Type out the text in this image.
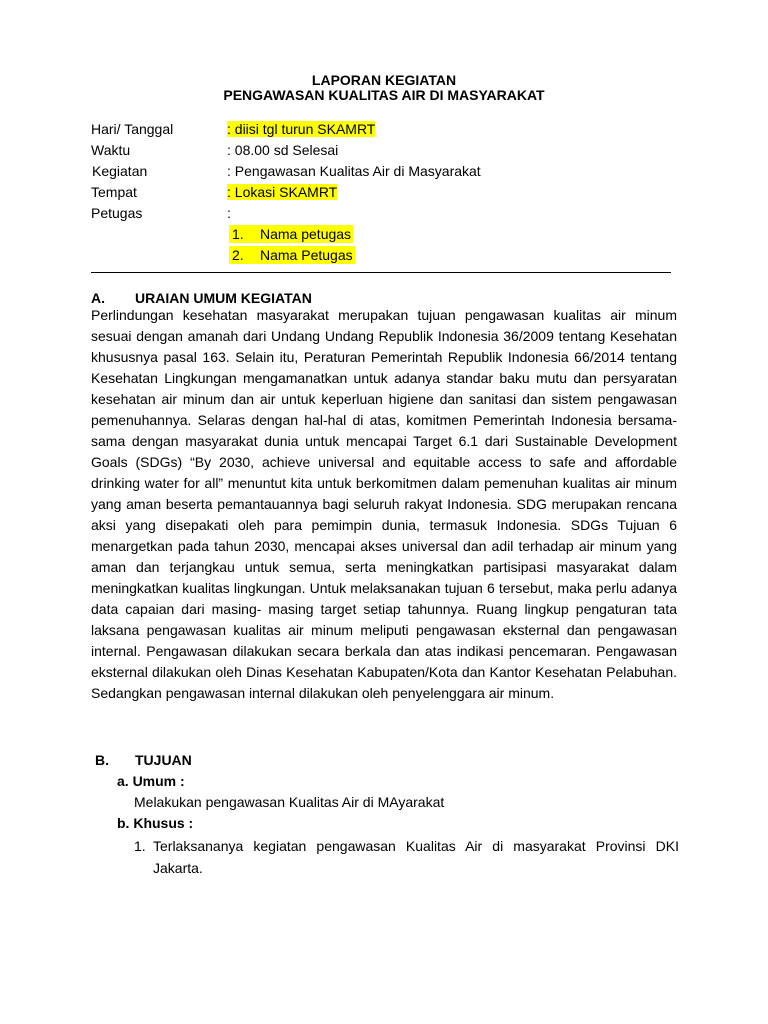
LAPORAN KEGIATAN
PENGAWASAN KUALITAS AIR DI MASYARAKAT
Hari/ Tanggal	: diisi tgl turun SKAMRT
Waktu	: 08.00 sd Selesai
Kegiatan	: Pengawasan Kualitas Air di Masyarakat
Tempat	: Lokasi SKAMRT
Petugas	:
1. Nama petugas
2. Nama Petugas
A. URAIAN UMUM KEGIATAN

Perlindungan kesehatan masyarakat merupakan tujuan pengawasan kualitas air minum sesuai dengan amanah dari Undang Undang Republik Indonesia 36/2009 tentang Kesehatan khususnya pasal 163. Selain itu, Peraturan Pemerintah Republik Indonesia 66/2014 tentang Kesehatan Lingkungan mengamanatkan untuk adanya standar baku mutu dan persyaratan kesehatan air minum dan air untuk keperluan higiene dan sanitasi dan sistem pengawasan pemenuhannya. Selaras dengan hal-hal di atas, komitmen Pemerintah Indonesia bersama-sama dengan masyarakat dunia untuk mencapai Target 6.1 dari Sustainable Development Goals (SDGs) “By 2030, achieve universal and equitable access to safe and affordable drinking water for all” menuntut kita untuk berkomitmen dalam pemenuhan kualitas air minum yang aman beserta pemantauannya bagi seluruh rakyat Indonesia. SDG merupakan rencana aksi yang disepakati oleh para pemimpin dunia, termasuk Indonesia. SDGs Tujuan 6 menargetkan pada tahun 2030, mencapai akses universal dan adil terhadap air minum yang aman dan terjangkau untuk semua, serta meningkatkan partisipasi masyarakat dalam meningkatkan kualitas lingkungan. Untuk melaksanakan tujuan 6 tersebut, maka perlu adanya data capaian dari masing- masing target setiap tahunnya. Ruang lingkup pengaturan tata laksana pengawasan kualitas air minum meliputi pengawasan eksternal dan pengawasan internal. Pengawasan dilakukan secara berkala dan atas indikasi pencemaran. Pengawasan eksternal dilakukan oleh Dinas Kesehatan Kabupaten/Kota dan Kantor Kesehatan Pelabuhan. Sedangkan pengawasan internal dilakukan oleh penyelenggara air minum.

B. TUJUAN
a. Umum :
Melakukan pengawasan Kualitas Air di MAyarakat
b. Khusus :
1. Terlaksananya kegiatan pengawasan Kualitas Air di masyarakat Provinsi DKI Jakarta.
